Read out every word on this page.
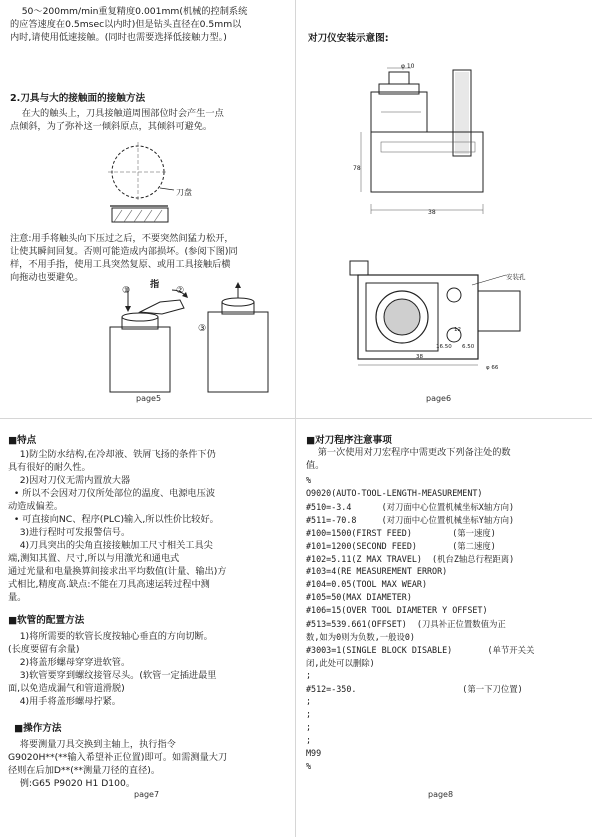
50～200mm/min重复精度0.001mm(机械的控制系统
的应答速度在0.5msec以内时)但是钻头直径在0.5mm以
内时,请使用低速接触。(同时也需要选择低接触力型。)
2.刀具与大的接触面的接触方法
在大的触头上，刀具接触道周围部位时会产生一点
点倾斜，为了弥补这一倾斜原点，其倾斜可避免。
刀盘
注意:用手将触头向下压过之后，不要突然间猛力松开，
让使其瞬间回复。否则可能造成内部损坏。(参阅下图)同
样，不用手指，使用工具突然复原、或用工具接触后横
向拖动也要避免。
①
指
②
③
page5
对刀仪安装示意图:
φ 10
78
38
安装孔
38
12
16.50 6.50
φ 66
page6
■特点
1)防尘防水结构,在冷却液、铁屑飞扬的条件下仍
具有很好的耐久性。
2)因对刀仪无需内置放大器
• 所以不会因对刀仪所处部位的温度、电源电压波
动造成偏差。
• 可直接向NC、程序(PLC)输入,所以性价比较好。
3)进行程时可发报警信号。
4)刀具突出的尖角直接接触加工尺寸相关工具尖
端,测知其置、尺寸,所以与用激光和通电式
通过光量和电量换算间接求出平均数值(计量、输出)方
式相比,精度高.缺点:不能在刀具高速运转过程中测
量。
■软管的配置方法
1)将所需要的软管长度按轴心垂直的方向切断。
(长度要留有余量)
2)将盖形螺母穿穿进软管。
3)软管要穿到螺纹接管尽头。(软管一定插进最里
面,以免造成漏气和管道滑脱)
4)用手将盖形螺母拧紧。
■操作方法
将要测量刀具交换到主轴上，执行指令
G9020H**(**输入希望补正位置)即可。如需测量大刀
径则在后加D**(**测量刀径的直径)。
例:G65 P9020 H1 D100。
page7
■对刀程序注意事项
第一次使用对刀宏程序中需更改下列备注处的数
值。
%
O9020(AUTO-TOOL-LENGTH-MEASUREMENT)
#510=-3.4      (对刀面中心位置机械坐标X轴方向)
#511=-70.8     (对刀面中心位置机械坐标Y轴方向)
#100=1500(FIRST FEED)        (第一速度)
#101=1200(SECOND FEED)       (第二速度)
#102=5.11(Z MAX TRAVEL)  (机台Z轴总行程距离)
#103=4(RE MEASUREMENT ERROR)
#104=0.05(TOOL MAX WEAR)
#105=50(MAX DIAMETER)
#106=15(OVER TOOL DIAMETER Y OFFSET)
#513=539.661(OFFSET)  (刀具补正位置数值为正
数,如为0则为负数,一般设0)
#3003=1(SINGLE BLOCK DISABLE)       (单节开关关
闭,此处可以删除)
;
#512=-350.                     (第一下刀位置)
;
;
;
;
M99
%
page8
